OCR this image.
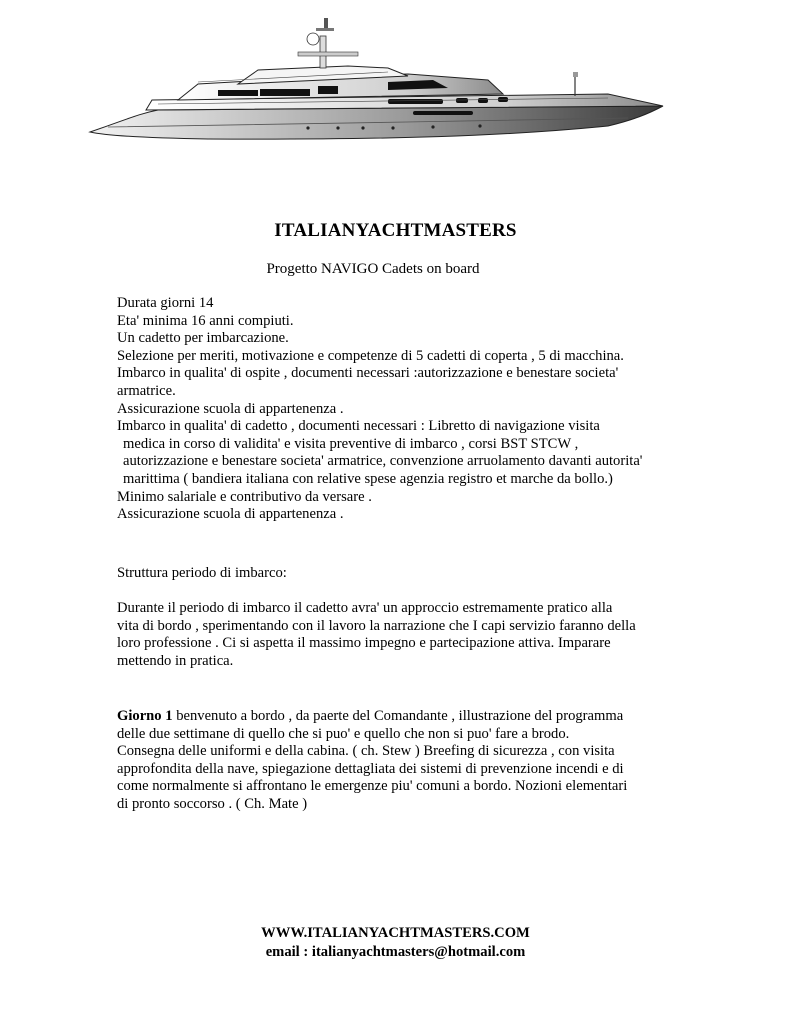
ITALIANYACHTMASTERS
Progetto NAVIGO Cadets on board
Durata giorni 14
Eta' minima 16 anni compiuti.
Un cadetto per imbarcazione.
Selezione per meriti, motivazione e competenze di 5 cadetti di coperta , 5 di macchina.
Imbarco in qualita' di ospite , documenti necessari :autorizzazione e benestare societa'
armatrice.
Assicurazione scuola di appartenenza .
Imbarco in qualita' di cadetto , documenti necessari : Libretto di navigazione visita
medica in corso di validita' e visita preventive di imbarco , corsi BST STCW ,
autorizzazione e benestare societa' armatrice, convenzione arruolamento davanti autorita'
marittima ( bandiera italiana con relative spese agenzia registro et marche da bollo.)
Minimo salariale e contributivo da versare .
Assicurazione scuola di appartenenza .
Struttura periodo di imbarco:
Durante il periodo di imbarco il cadetto avra' un approccio estremamente pratico alla
vita di bordo , sperimentando con il lavoro la narrazione che I capi servizio faranno della
loro professione . Ci si aspetta il massimo impegno e partecipazione attiva. Imparare
mettendo in pratica.
Giorno 1 benvenuto a bordo , da paerte del Comandante , illustrazione del programma
delle due settimane di quello che si puo' e quello che non si puo' fare a brodo.
Consegna delle uniformi e della cabina. ( ch. Stew ) Breefing di sicurezza , con visita
approfondita della nave, spiegazione dettagliata dei sistemi di prevenzione incendi e di
come normalmente si affrontano le emergenze piu' comuni a bordo. Nozioni elementari
di pronto soccorso . ( Ch. Mate )
WWW.ITALIANYACHTMASTERS.COM
email : italianyachtmasters@hotmail.com
